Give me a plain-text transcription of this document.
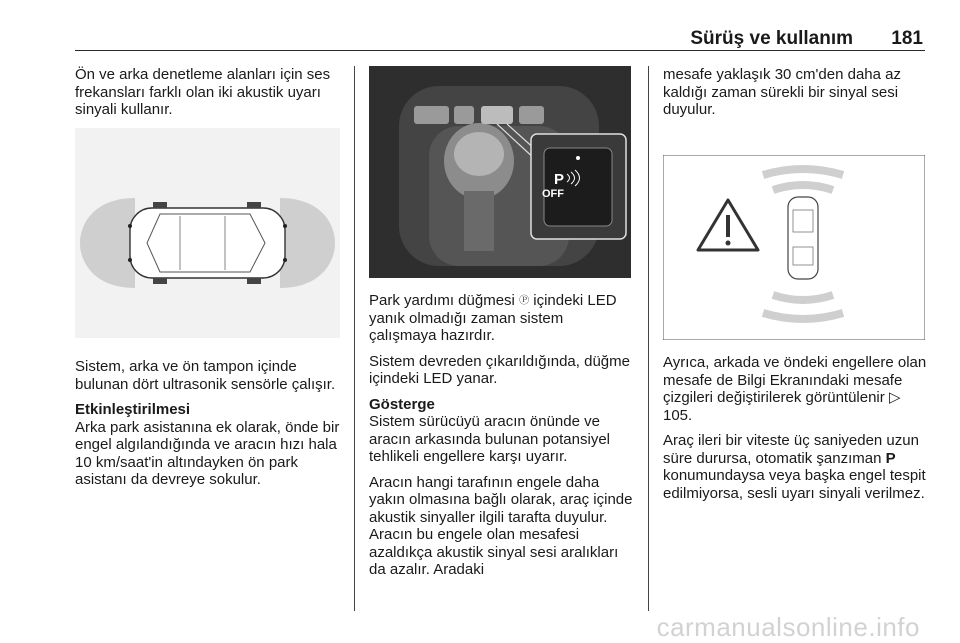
Sürüş ve kullanım 181

Ön ve arka denetleme alanları için ses frekansları farklı olan iki akustik uyarı sinyali kullanır.

Sistem, arka ve ön tampon içinde bulunan dört ultrasonik sensörle çalışır.

Etkinleştirilmesi

Arka park asistanına ek olarak, önde bir engel algılandığında ve aracın hızı hala 10 km/saat'in altındayken ön park asistanı da devreye sokulur.

P
OFF

Park yardımı düğmesi Ⓟ içindeki LED yanık olmadığı zaman sistem çalışmaya hazırdır.

Sistem devreden çıkarıldığında, düğme içindeki LED yanar.

Gösterge

Sistem sürücüyü aracın önünde ve aracın arkasında bulunan potansiyel tehlikeli engellere karşı uyarır.

Aracın hangi tarafının engele daha yakın olmasına bağlı olarak, araç içinde akustik sinyaller ilgili tarafta duyulur. Aracın bu engele olan mesafesi azaldıkça akustik sinyal sesi aralıkları da azalır. Aradaki

mesafe yaklaşık 30 cm'den daha az kaldığı zaman sürekli bir sinyal sesi duyulur.

Ayrıca, arkada ve öndeki engellere olan mesafe de Bilgi Ekranındaki mesafe çizgileri değiştirilerek görüntülenir ▷ 105.

Araç ileri bir viteste üç saniyeden uzun süre durursa, otomatik şanzıman P konumundaysa veya başka engel tespit edilmiyorsa, sesli uyarı sinyali verilmez.

carmanualsonline.info
